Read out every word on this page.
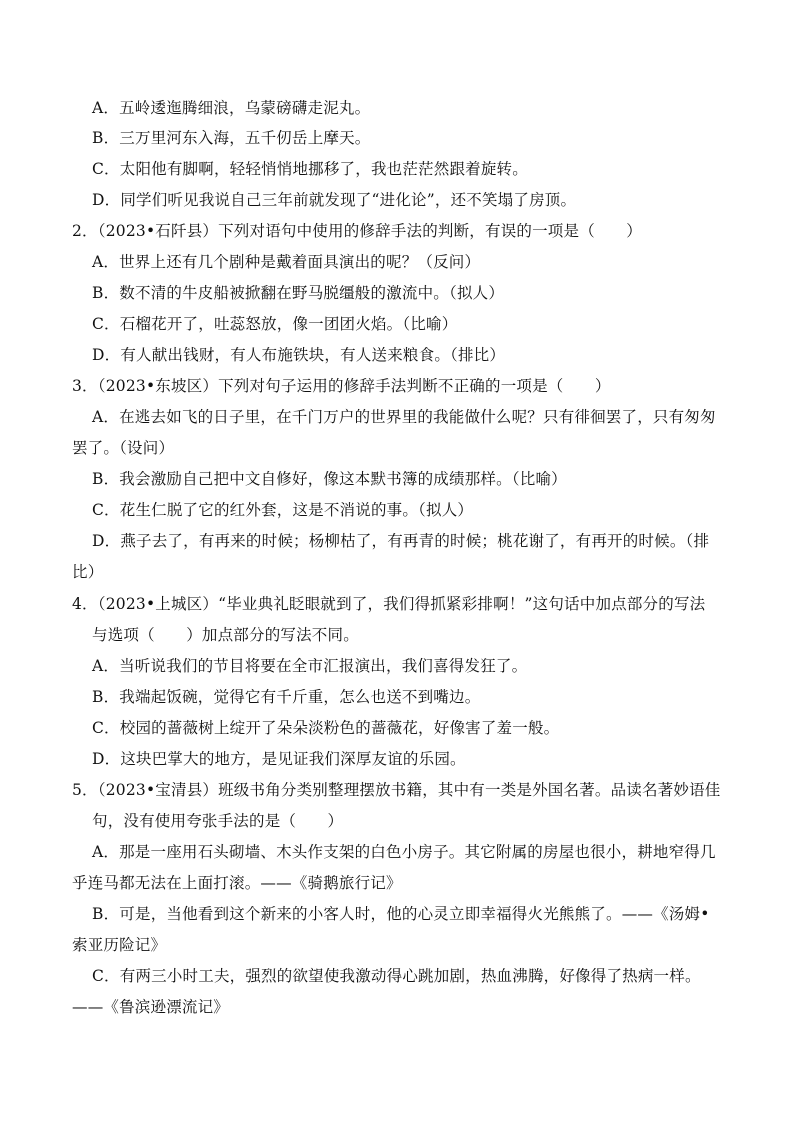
A．五岭逶迤腾细浪，乌蒙磅礴走泥丸。
B．三万里河东入海，五千仞岳上摩天。
C．太阳他有脚啊，轻轻悄悄地挪移了，我也茫茫然跟着旋转。
D．同学们听见我说自己三年前就发现了“进化论”，还不笑塌了房顶。
2．（2023•石阡县）下列对语句中使用的修辞手法的判断，有误的一项是（　　）
A．世界上还有几个剧种是戴着面具演出的呢？（反问）
B．数不清的牛皮船被掀翻在野马脱缰般的激流中。（拟人）
C．石榴花开了，吐蕊怒放，像一团团火焰。（比喻）
D．有人献出钱财，有人布施铁块，有人送来粮食。（排比）
3．（2023•东坡区）下列对句子运用的修辞手法判断不正确的一项是（　　）
A．在逃去如飞的日子里，在千门万户的世界里的我能做什么呢？只有徘徊罢了，只有匆匆
罢了。（设问）
B．我会激励自己把中文自修好，像这本默书簿的成绩那样。（比喻）
C．花生仁脱了它的红外套，这是不消说的事。（拟人）
D．燕子去了，有再来的时候；杨柳枯了，有再青的时候；桃花谢了，有再开的时候。（排
比）
4．（2023•上城区）“毕业典礼眨眼就到了，我们得抓紧彩排啊！”这句话中加点部分的写法
与选项（　　）加点部分的写法不同。
A．当听说我们的节目将要在全市汇报演出，我们喜得发狂了。
B．我端起饭碗，觉得它有千斤重，怎么也送不到嘴边。
C．校园的蔷薇树上绽开了朵朵淡粉色的蔷薇花，好像害了羞一般。
D．这块巴掌大的地方，是见证我们深厚友谊的乐园。
5．（2023•宝清县）班级书角分类别整理摆放书籍，其中有一类是外国名著。品读名著妙语佳
句，没有使用夸张手法的是（　　）
A．那是一座用石头砌墙、木头作支架的白色小房子。其它附属的房屋也很小，耕地窄得几
乎连马都无法在上面打滚。——《骑鹅旅行记》
B．可是，当他看到这个新来的小客人时，他的心灵立即幸福得火光熊熊了。——《汤姆•
索亚历险记》
C．有两三小时工夫，强烈的欲望使我激动得心跳加剧，热血沸腾，好像得了热病一样。
——《鲁滨逊漂流记》
